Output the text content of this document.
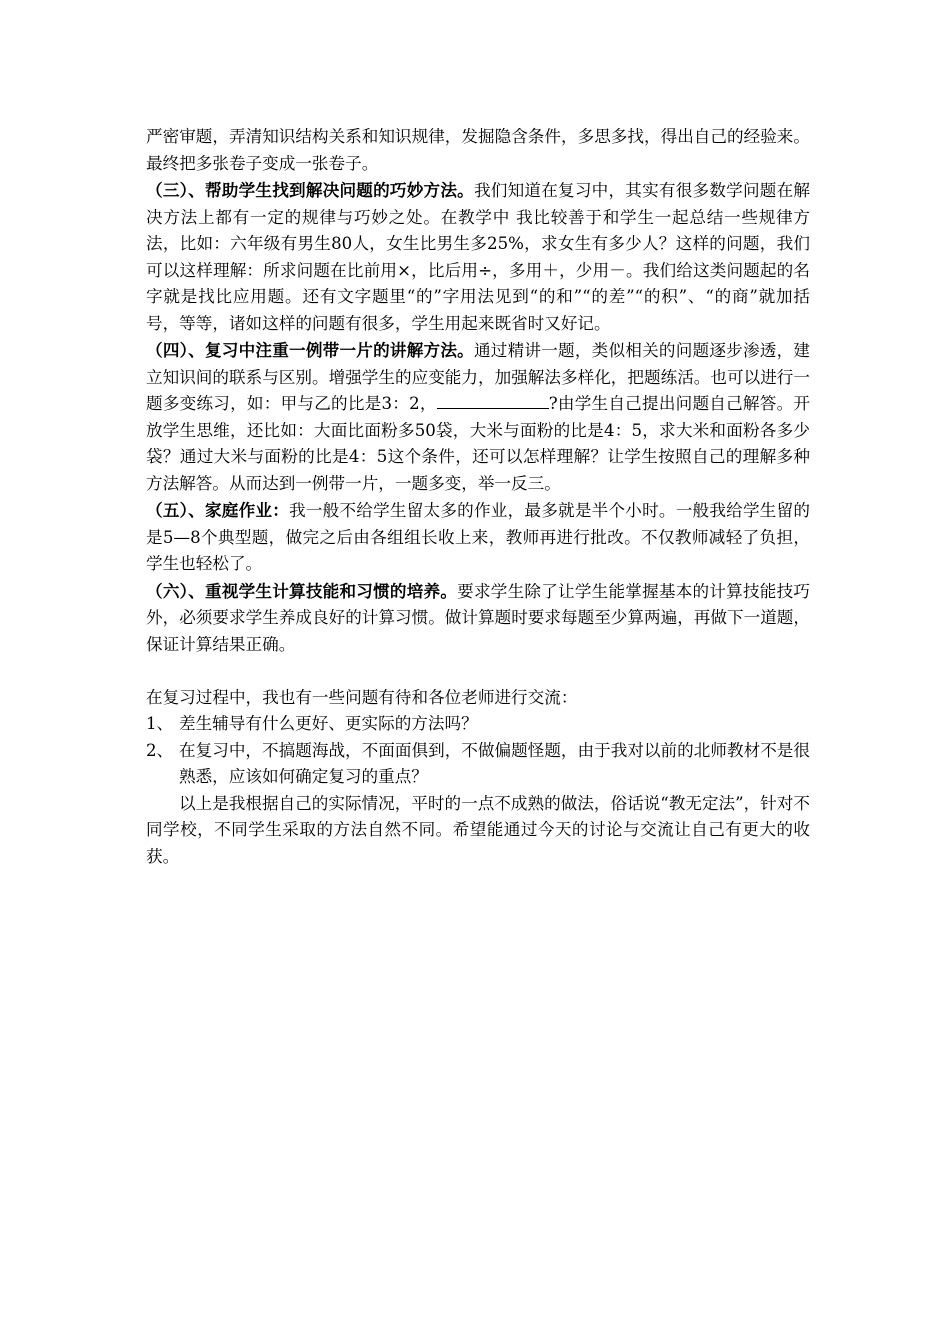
严密审题，弄清知识结构关系和知识规律，发掘隐含条件，多思多找，得出自己的经验来。最终把多张卷子变成一张卷子。

（三）、帮助学生找到解决问题的巧妙方法。我们知道在复习中，其实有很多数学问题在解决方法上都有一定的规律与巧妙之处。在教学中 我比较善于和学生一起总结一些规律方法，比如：六年级有男生80人，女生比男生多25%，求女生有多少人？这样的问题，我们可以这样理解：所求问题在比前用×，比后用÷，多用＋，少用－。我们给这类问题起的名字就是找比应用题。还有文字题里“的”字用法见到“的和”“的差”“的积”、“的商”就加括号，等等，诸如这样的问题有很多，学生用起来既省时又好记。

（四）、复习中注重一例带一片的讲解方法。通过精讲一题，类似相关的问题逐步渗透，建立知识间的联系与区别。增强学生的应变能力，加强解法多样化，把题练活。也可以进行一题多变练习，如：甲与乙的比是3：2，	?由学生自己提出问题自己解答。开放学生思维，还比如：大面比面粉多50袋，大米与面粉的比是4：5，求大米和面粉各多少袋？通过大米与面粉的比是4：5这个条件，还可以怎样理解？让学生按照自己的理解多种方法解答。从而达到一例带一片，一题多变，举一反三。

（五）、家庭作业：我一般不给学生留太多的作业，最多就是半个小时。一般我给学生留的是5—8个典型题，做完之后由各组组长收上来，教师再进行批改。不仅教师减轻了负担，学生也轻松了。

（六）、重视学生计算技能和习惯的培养。要求学生除了让学生能掌握基本的计算技能技巧外，必须要求学生养成良好的计算习惯。做计算题时要求每题至少算两遍，再做下一道题，保证计算结果正确。

在复习过程中，我也有一些问题有待和各位老师进行交流：

1、 差生辅导有什么更好、更实际的方法吗？
2、 在复习中，不搞题海战，不面面俱到，不做偏题怪题，由于我对以前的北师教材不是很熟悉，应该如何确定复习的重点？

以上是我根据自己的实际情况，平时的一点不成熟的做法，俗话说“教无定法”，针对不同学校，不同学生采取的方法自然不同。希望能通过今天的讨论与交流让自己有更大的收获。
